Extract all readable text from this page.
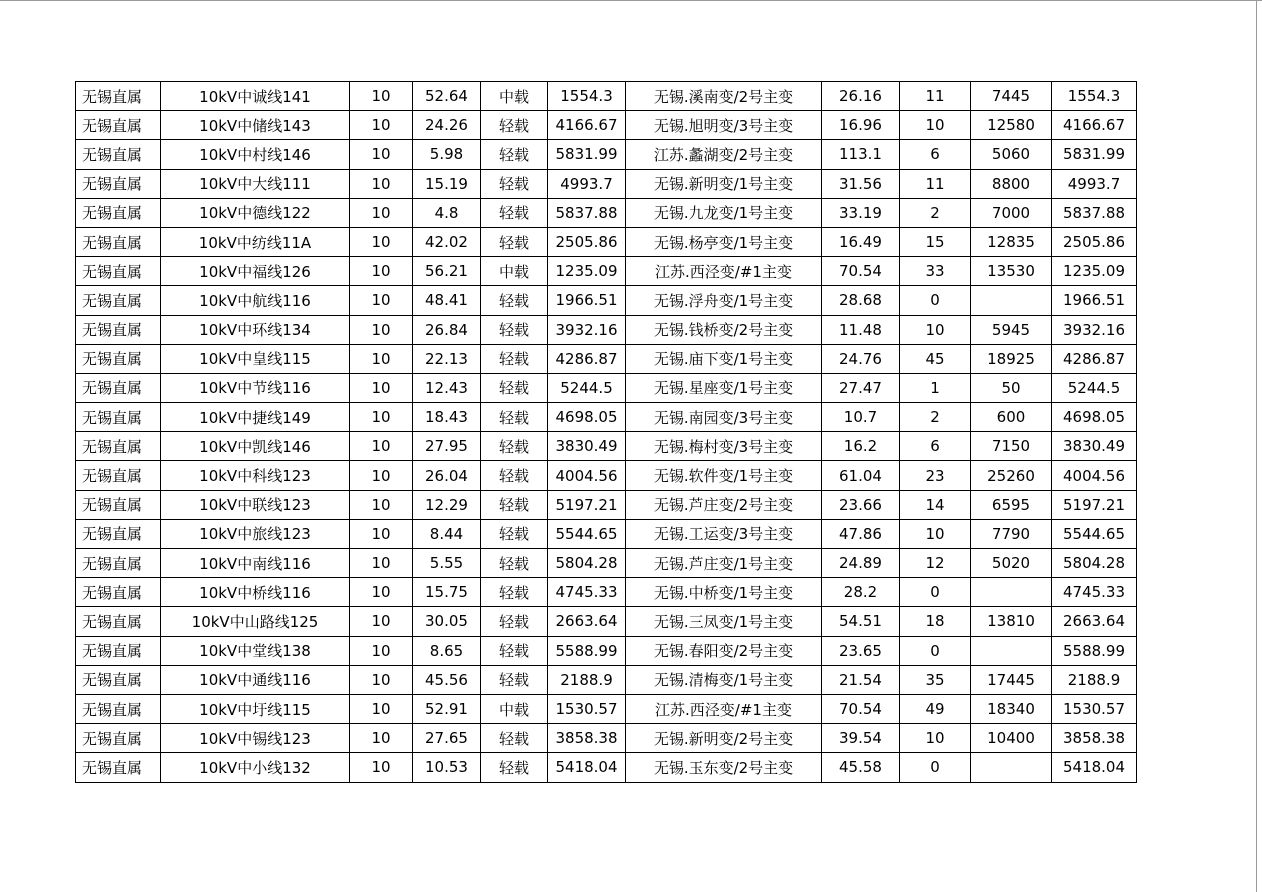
无锡直属	10kV中诚线141	10	52.64	中载	1554.3	无锡.溪南变/2号主变	26.16	11	7445	1554.3
无锡直属	10kV中储线143	10	24.26	轻载	4166.67	无锡.旭明变/3号主变	16.96	10	12580	4166.67
无锡直属	10kV中村线146	10	5.98	轻载	5831.99	江苏.蠡湖变/2号主变	113.1	6	5060	5831.99
无锡直属	10kV中大线111	10	15.19	轻载	4993.7	无锡.新明变/1号主变	31.56	11	8800	4993.7
无锡直属	10kV中德线122	10	4.8	轻载	5837.88	无锡.九龙变/1号主变	33.19	2	7000	5837.88
无锡直属	10kV中纺线11A	10	42.02	轻载	2505.86	无锡.杨亭变/1号主变	16.49	15	12835	2505.86
无锡直属	10kV中福线126	10	56.21	中载	1235.09	江苏.西泾变/#1主变	70.54	33	13530	1235.09
无锡直属	10kV中航线116	10	48.41	轻载	1966.51	无锡.浮舟变/1号主变	28.68	0		1966.51
无锡直属	10kV中环线134	10	26.84	轻载	3932.16	无锡.钱桥变/2号主变	11.48	10	5945	3932.16
无锡直属	10kV中皇线115	10	22.13	轻载	4286.87	无锡.庙下变/1号主变	24.76	45	18925	4286.87
无锡直属	10kV中节线116	10	12.43	轻载	5244.5	无锡.星座变/1号主变	27.47	1	50	5244.5
无锡直属	10kV中捷线149	10	18.43	轻载	4698.05	无锡.南园变/3号主变	10.7	2	600	4698.05
无锡直属	10kV中凯线146	10	27.95	轻载	3830.49	无锡.梅村变/3号主变	16.2	6	7150	3830.49
无锡直属	10kV中科线123	10	26.04	轻载	4004.56	无锡.软件变/1号主变	61.04	23	25260	4004.56
无锡直属	10kV中联线123	10	12.29	轻载	5197.21	无锡.芦庄变/2号主变	23.66	14	6595	5197.21
无锡直属	10kV中旅线123	10	8.44	轻载	5544.65	无锡.工运变/3号主变	47.86	10	7790	5544.65
无锡直属	10kV中南线116	10	5.55	轻载	5804.28	无锡.芦庄变/1号主变	24.89	12	5020	5804.28
无锡直属	10kV中桥线116	10	15.75	轻载	4745.33	无锡.中桥变/1号主变	28.2	0		4745.33
无锡直属	10kV中山路线125	10	30.05	轻载	2663.64	无锡.三凤变/1号主变	54.51	18	13810	2663.64
无锡直属	10kV中堂线138	10	8.65	轻载	5588.99	无锡.春阳变/2号主变	23.65	0		5588.99
无锡直属	10kV中通线116	10	45.56	轻载	2188.9	无锡.清梅变/1号主变	21.54	35	17445	2188.9
无锡直属	10kV中圩线115	10	52.91	中载	1530.57	江苏.西泾变/#1主变	70.54	49	18340	1530.57
无锡直属	10kV中锡线123	10	27.65	轻载	3858.38	无锡.新明变/2号主变	39.54	10	10400	3858.38
无锡直属	10kV中小线132	10	10.53	轻载	5418.04	无锡.玉东变/2号主变	45.58	0		5418.04
